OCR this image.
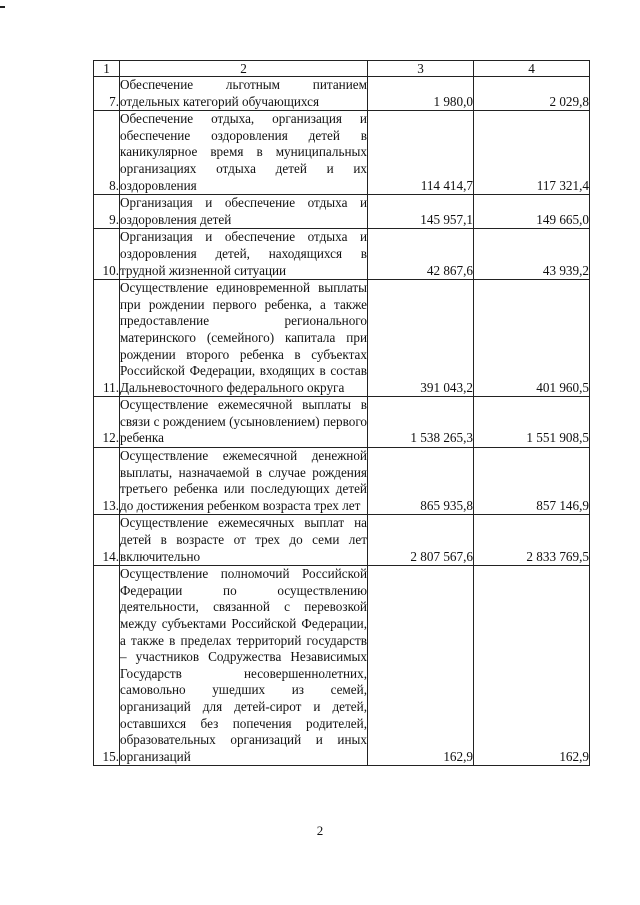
1	2	3	4
7.	Обеспечение льготным питанием отдельных категорий обучающихся	1 980,0	2 029,8
8.	Обеспечение отдыха, организация и обеспечение оздоровления детей в каникулярное время в муниципальных организациях отдыха детей и их оздоровления	114 414,7	117 321,4
9.	Организация и обеспечение отдыха и оздоровления детей	145 957,1	149 665,0
10.	Организация и обеспечение отдыха и оздоровления детей, находящихся в трудной жизненной ситуации	42 867,6	43 939,2
11.	Осуществление единовременной выплаты при рождении первого ребенка, а также предоставление регионального материнского (семейного) капитала при рождении второго ребенка в субъектах Российской Федерации, входящих в состав Дальневосточного федерального округа	391 043,2	401 960,5
12.	Осуществление ежемесячной выплаты в связи с рождением (усыновлением) первого ребенка	1 538 265,3	1 551 908,5
13.	Осуществление ежемесячной денежной выплаты, назначаемой в случае рождения третьего ребенка или последующих детей до достижения ребенком возраста трех лет	865 935,8	857 146,9
14.	Осуществление ежемесячных выплат на детей в возрасте от трех до семи лет включительно	2 807 567,6	2 833 769,5
15.	Осуществление полномочий Российской Федерации по осуществлению деятельности, связанной с перевозкой между субъектами Российской Федерации, а также в пределах территорий государств – участников Содружества Независимых Государств несовершеннолетних, самовольно ушедших из семей, организаций для детей-сирот и детей, оставшихся без попечения родителей, образовательных организаций и иных организаций	162,9	162,9
2
